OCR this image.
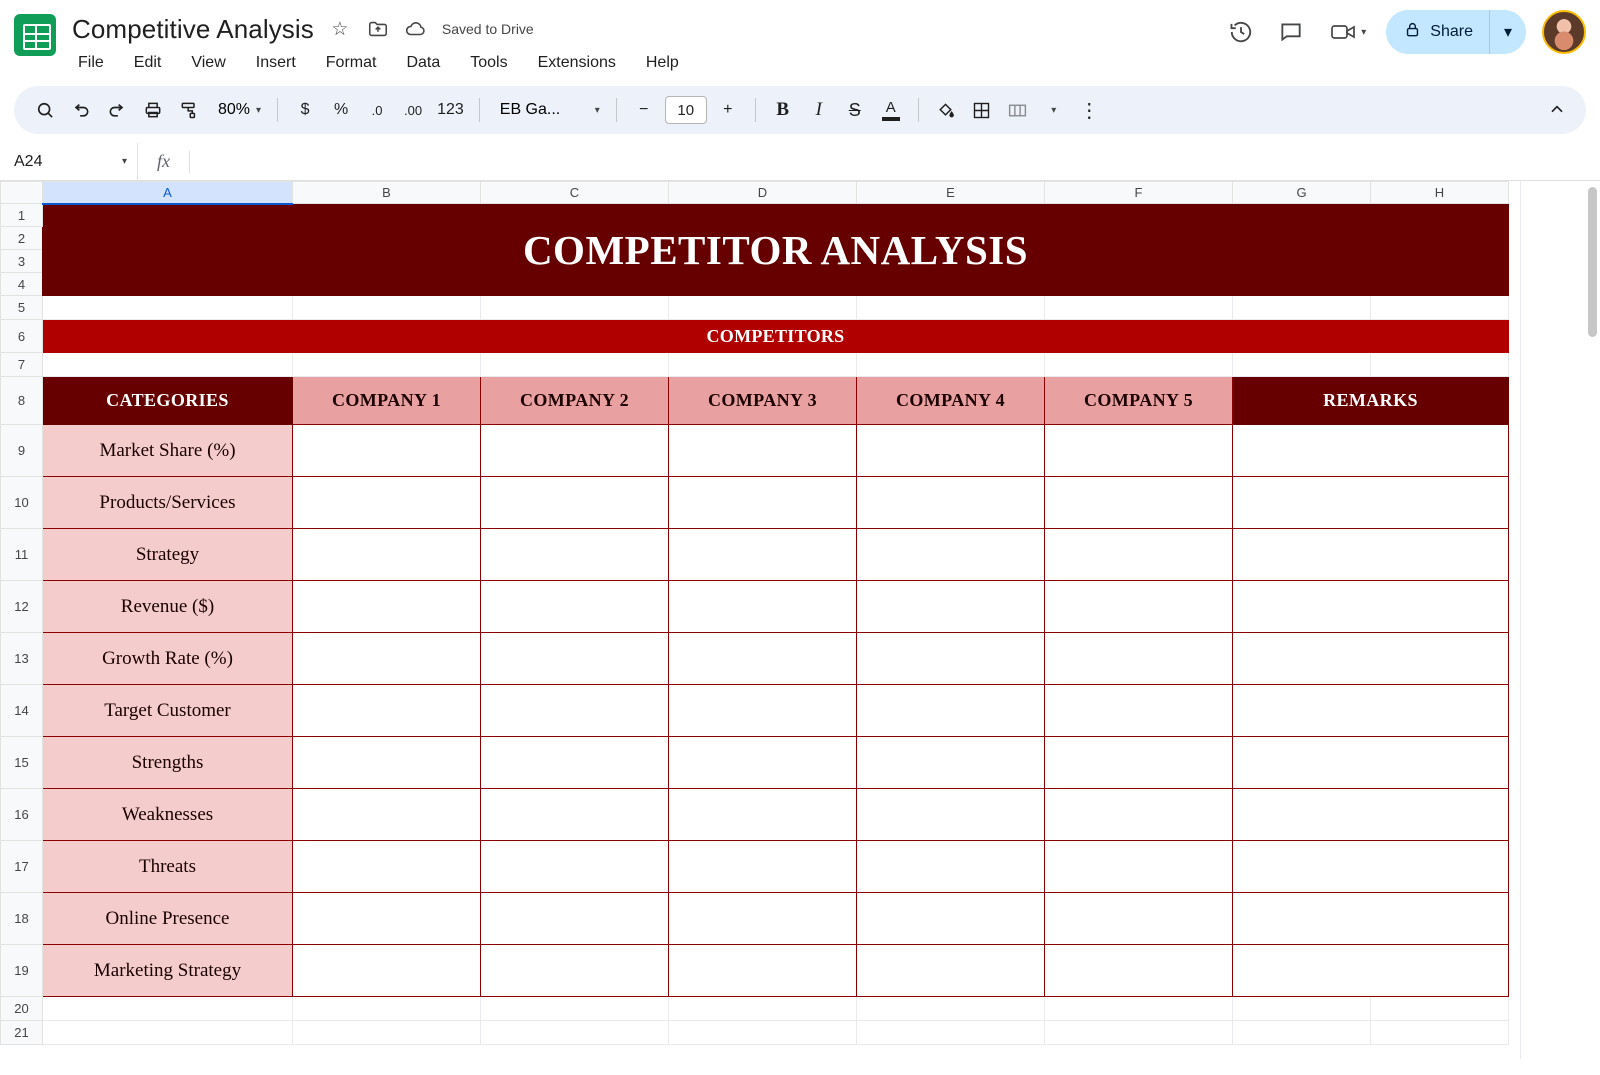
Competitive Analysis ☆	Saved to Drive
File Edit View Insert Format Data Tools Extensions Help
▾	Share	▾
80% ▾	$	%	.0	.00 123	EB Ga...	▾	−
10	+	B	I	S	A	▾	⋮
A24	▾	fx
	A	B	C	D	E	F	G	H
1	COMPETITOR ANALYSIS							
2								
3								
4								
5								
6	COMPETITORS							
7								
8	CATEGORIES	COMPANY 1	COMPANY 2	COMPANY 3	COMPANY 4	COMPANY 5	REMARKS	
9	Market Share (%)							
10	Products/Services							
11	Strategy							
12	Revenue ($)							
13	Growth Rate (%)							
14	Target Customer							
15	Strengths							
16	Weaknesses							
17	Threats							
18	Online Presence							
19	Marketing Strategy							
20								
21								
